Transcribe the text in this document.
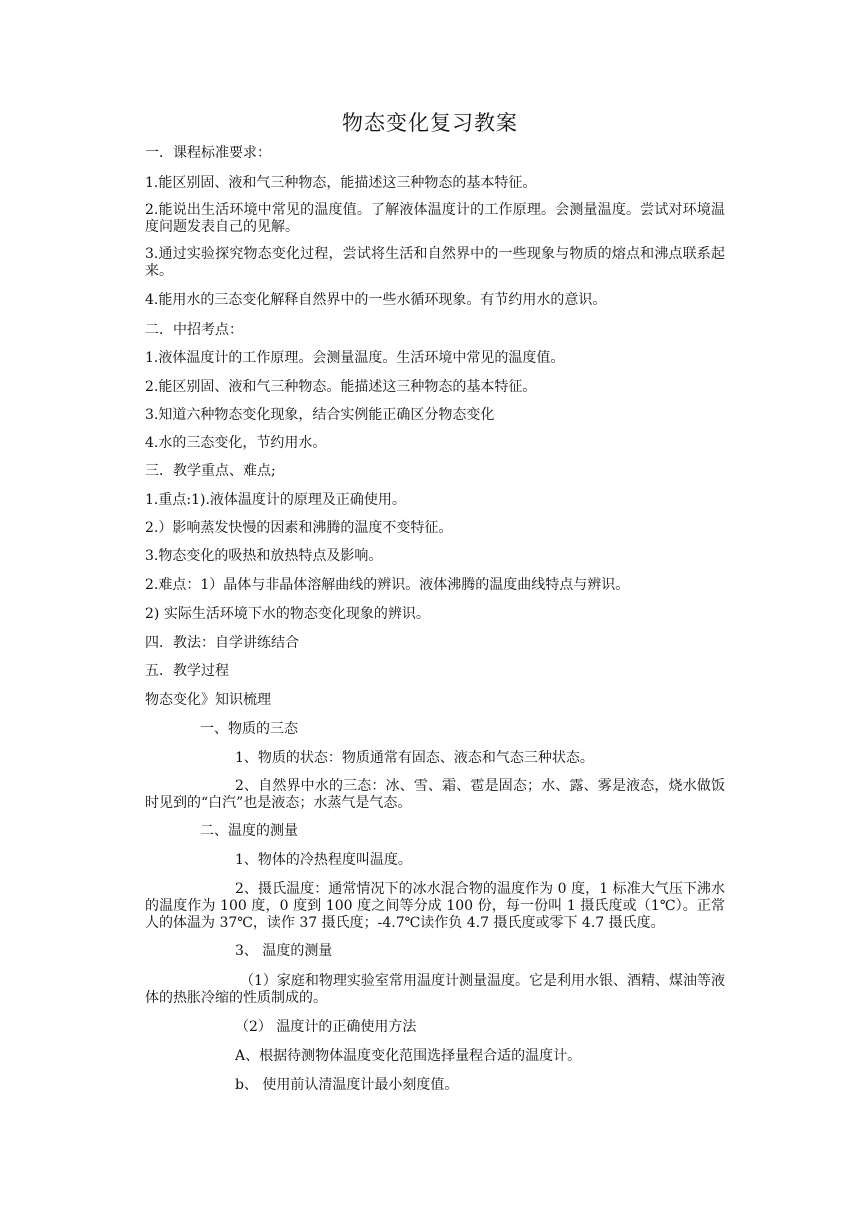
物态变化复习教案
一．课程标准要求：
1.能区别固、液和气三种物态，能描述这三种物态的基本特征。
2.能说出生活环境中常见的温度值。了解液体温度计的工作原理。会测量温度。尝试对环境温度问题发表自己的见解。
3.通过实验探究物态变化过程，尝试将生活和自然界中的一些现象与物质的熔点和沸点联系起来。
4.能用水的三态变化解释自然界中的一些水循环现象。有节约用水的意识。
二．中招考点：
1.液体温度计的工作原理。会测量温度。生活环境中常见的温度值。
2.能区别固、液和气三种物态。能描述这三种物态的基本特征。
3.知道六种物态变化现象，结合实例能正确区分物态变化
4.水的三态变化，节约用水。
三．教学重点、难点;
1.重点:1).液体温度计的原理及正确使用。
2.）影响蒸发快慢的因素和沸腾的温度不变特征。
3.物态变化的吸热和放热特点及影响。
2.难点：1）晶体与非晶体溶解曲线的辨识。液体沸腾的温度曲线特点与辨识。
2) 实际生活环境下水的物态变化现象的辨识。
四．教法：自学讲练结合
五．教学过程
物态变化》知识梳理
一、物质的三态
1、物质的状态：物质通常有固态、液态和气态三种状态。
2、自然界中水的三态：冰、雪、霜、雹是固态；水、露、雾是液态，烧水做饭时见到的“白汽”也是液态；水蒸气是气态。
二、温度的测量
1、物体的冷热程度叫温度。
2、摄氏温度：通常情况下的冰水混合物的温度作为 0 度，1 标准大气压下沸水的温度作为 100 度，0 度到 100 度之间等分成 100 份，每一份叫 1 摄氏度或（1℃）。正常人的体温为 37℃，读作 37 摄氏度；-4.7℃读作负 4.7 摄氏度或零下 4.7 摄氏度。
3、 温度的测量
（1）家庭和物理实验室常用温度计测量温度。它是利用水银、酒精、煤油等液体的热胀冷缩的性质制成的。
（2） 温度计的正确使用方法
A、根据待测物体温度变化范围选择量程合适的温度计。
b、 使用前认清温度计最小刻度值。
